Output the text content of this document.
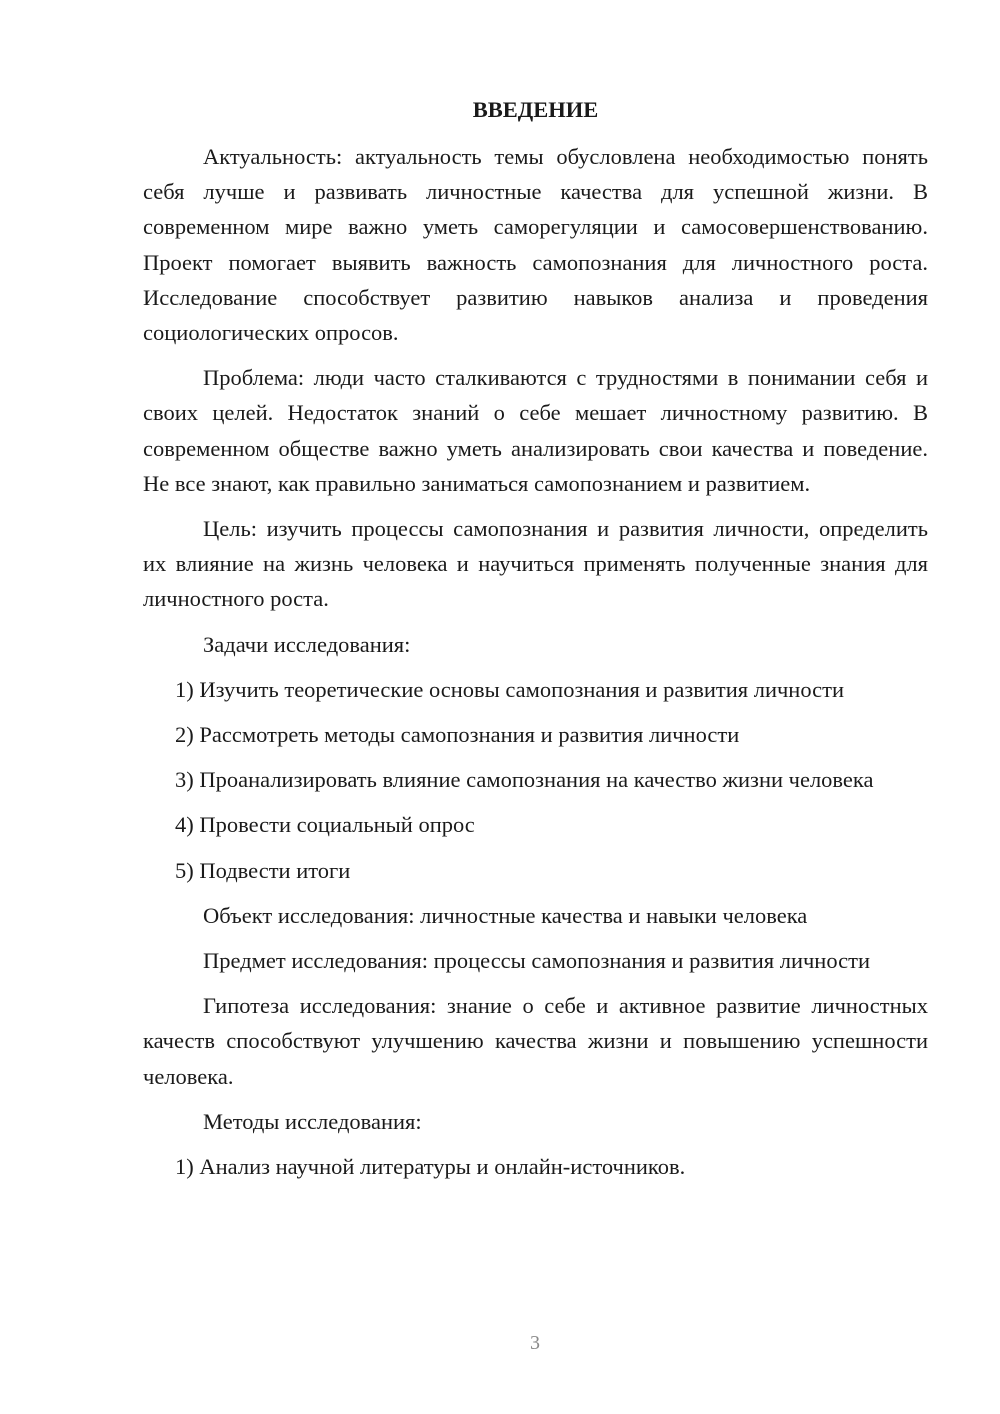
ВВЕДЕНИЕ
Актуальность: актуальность темы обусловлена необходимостью понять себя лучше и развивать личностные качества для успешной жизни. В современном мире важно уметь саморегуляции и самосовершенствованию. Проект помогает выявить важность самопознания для личностного роста. Исследование способствует развитию навыков анализа и проведения социологических опросов.
Проблема: люди часто сталкиваются с трудностями в понимании себя и своих целей. Недостаток знаний о себе мешает личностному развитию. В современном обществе важно уметь анализировать свои качества и поведение. Не все знают, как правильно заниматься самопознанием и развитием.
Цель: изучить процессы самопознания и развития личности, определить их влияние на жизнь человека и научиться применять полученные знания для личностного роста.
Задачи исследования:
1) Изучить теоретические основы самопознания и развития личности
2) Рассмотреть методы самопознания и развития личности
3) Проанализировать влияние самопознания на качество жизни человека
4) Провести социальный опрос
5) Подвести итоги
Объект исследования: личностные качества и навыки человека
Предмет исследования: процессы самопознания и развития личности
Гипотеза исследования: знание о себе и активное развитие личностных качеств способствуют улучшению качества жизни и повышению успешности человека.
Методы исследования:
1) Анализ научной литературы и онлайн-источников.
3
